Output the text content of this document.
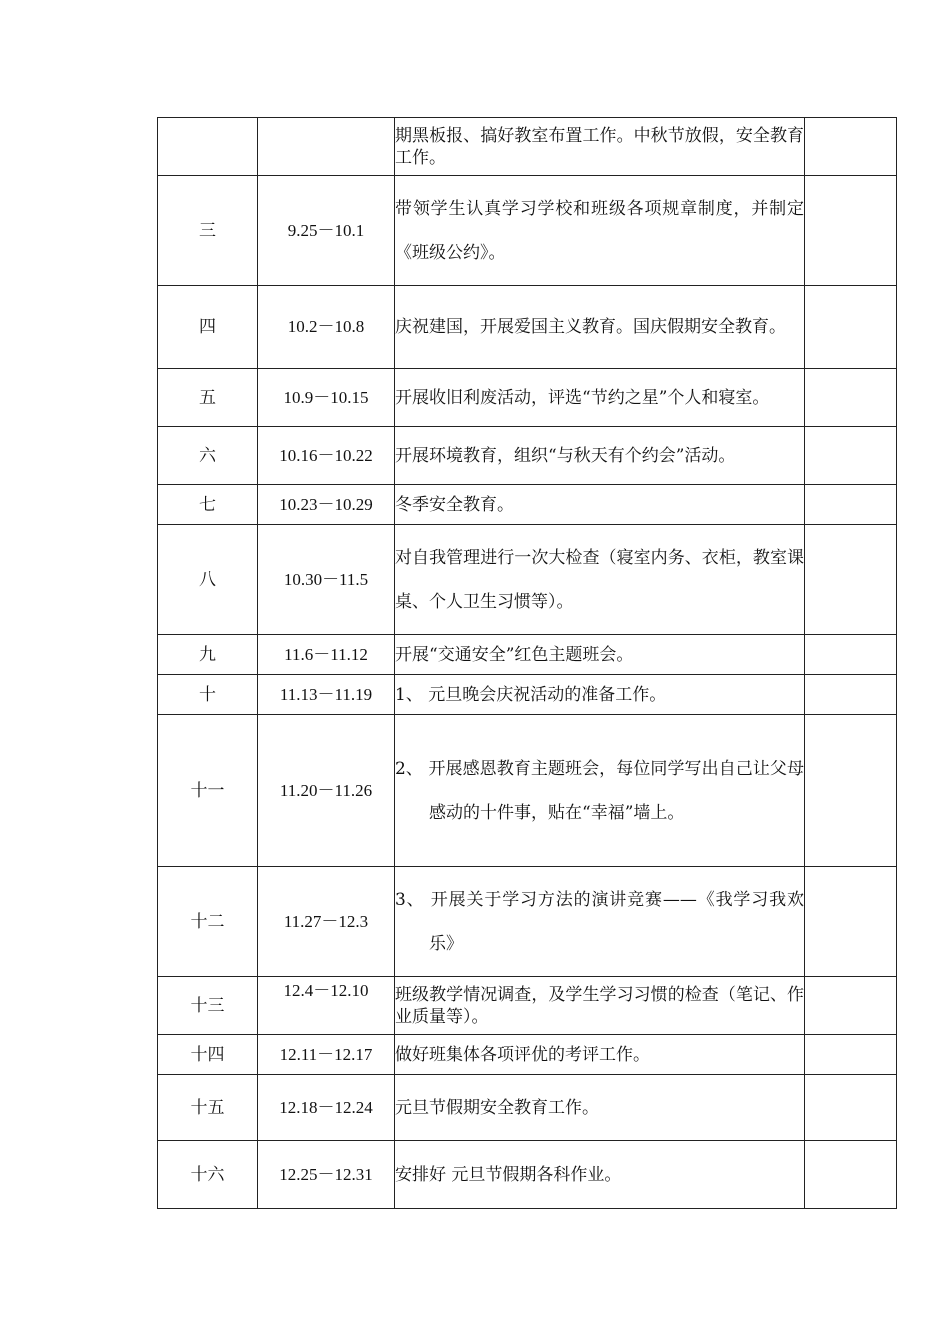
		期黑板报、搞好教室布置工作。中秋节放假，安全教育工作。	

三	9.25－10.1	带领学生认真学习学校和班级各项规章制度，并制定《班级公约》。	

四	10.2－10.8	庆祝建国，开展爱国主义教育。国庆假期安全教育。	

五	10.9－10.15	开展收旧利废活动，评选“节约之星”个人和寝室。	

六	10.16－10.22	开展环境教育，组织“与秋天有个约会”活动。	

七	10.23－10.29	冬季安全教育。	

八	10.30－11.5	对自我管理进行一次大检查（寝室内务、衣柜，教室课桌、个人卫生习惯等）。	

九	11.6－11.12	开展“交通安全”红色主题班会。	

十	11.13－11.19	1、 元旦晚会庆祝活动的准备工作。	

十一	11.20－11.26	2、 开展感恩教育主题班会，每位同学写出自己让父母感动的十件事，贴在“幸福”墙上。	

十二	11.27－12.3	3、 开展关于学习方法的演讲竞赛——《我学习我欢乐》	

十三	12.4－12.10	班级教学情况调查，及学生学习习惯的检查（笔记、作业质量等）。	

十四	12.11－12.17	做好班集体各项评优的考评工作。	

十五	12.18－12.24	元旦节假期安全教育工作。	

十六	12.25－12.31	安排好 元旦节假期各科作业。	
